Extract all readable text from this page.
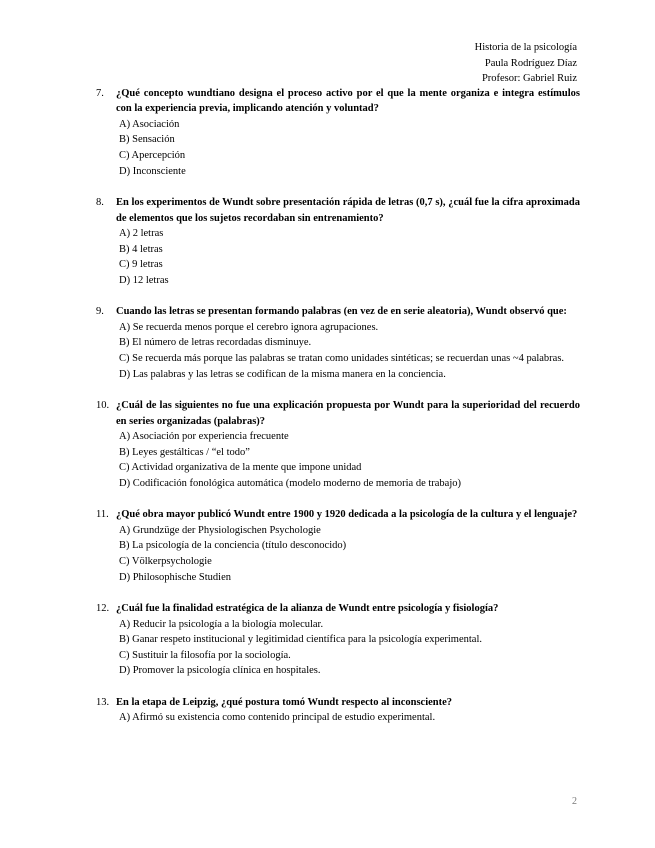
Historia de la psicología
Paula Rodríguez Díaz
Profesor: Gabriel Ruiz
7.	¿Qué concepto wundtiano designa el proceso activo por el que la mente organiza e integra estímulos con la experiencia previa, implicando atención y voluntad?
A) Asociación
B) Sensación
C) Apercepción
D) Inconsciente
8.	En los experimentos de Wundt sobre presentación rápida de letras (0,7 s), ¿cuál fue la cifra aproximada de elementos que los sujetos recordaban sin entrenamiento?
A) 2 letras
B) 4 letras
C) 9 letras
D) 12 letras
9.	Cuando las letras se presentan formando palabras (en vez de en serie aleatoria), Wundt observó que:
A) Se recuerda menos porque el cerebro ignora agrupaciones.
B) El número de letras recordadas disminuye.
C) Se recuerda más porque las palabras se tratan como unidades sintéticas; se recuerdan unas ~4 palabras.
D) Las palabras y las letras se codifican de la misma manera en la conciencia.
10. ¿Cuál de las siguientes no fue una explicación propuesta por Wundt para la superioridad del recuerdo en series organizadas (palabras)?
A) Asociación por experiencia frecuente
B) Leyes gestálticas / “el todo”
C) Actividad organizativa de la mente que impone unidad
D) Codificación fonológica automática (modelo moderno de memoria de trabajo)
11. ¿Qué obra mayor publicó Wundt entre 1900 y 1920 dedicada a la psicología de la cultura y el lenguaje?
A) Grundzüge der Physiologischen Psychologie
B) La psicología de la conciencia (título desconocido)
C) Völkerpsychologie
D) Philosophische Studien
12. ¿Cuál fue la finalidad estratégica de la alianza de Wundt entre psicología y fisiología?
A) Reducir la psicología a la biología molecular.
B) Ganar respeto institucional y legitimidad científica para la psicología experimental.
C) Sustituir la filosofía por la sociología.
D) Promover la psicología clínica en hospitales.
13. En la etapa de Leipzig, ¿qué postura tomó Wundt respecto al inconsciente?
A) Afirmó su existencia como contenido principal de estudio experimental.
2
